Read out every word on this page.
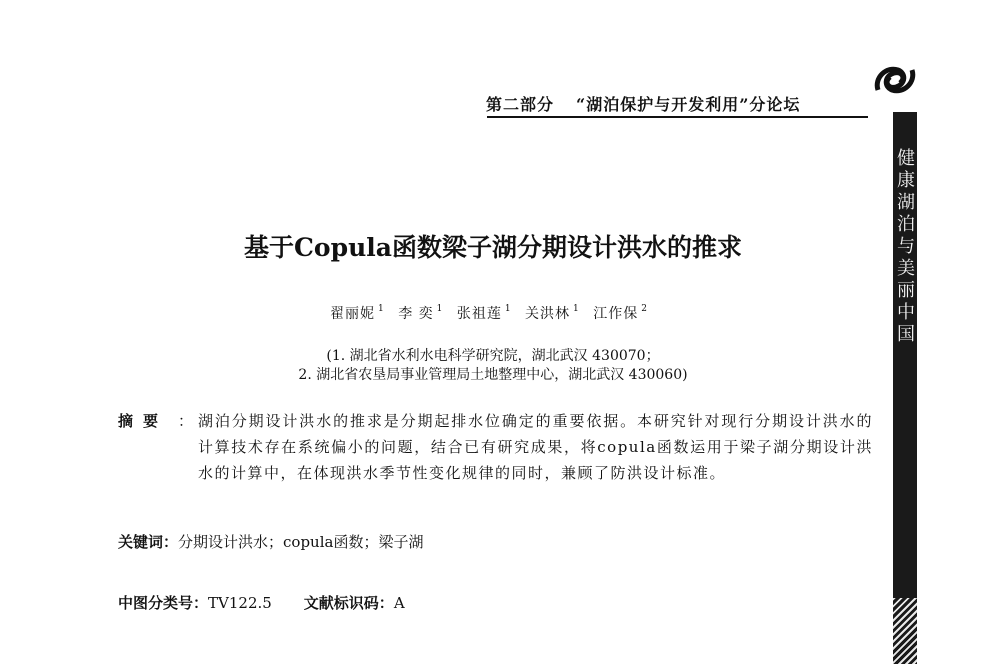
第二部分 “湖泊保护与开发利用”分论坛
健康湖泊与美丽中国
基于Copula函数梁子湖分期设计洪水的推求
翟丽妮 $^1$ 李 奕 $^1$ 张祖莲 $^1$ 关洪林 $^1$ 江作保 $^2$
(1. 湖北省水利水电科学研究院，湖北武汉 430070；
2. 湖北省农垦局事业管理局土地整理中心，湖北武汉 430060)
摘要 ： 湖泊分期设计洪水的推求是分期起排水位确定的重要依据。本研究针对现行分期设计洪水的计算技术存在系统偏小的问题，结合已有研究成果，将copula函数运用于梁子湖分期设计洪水的计算中，在体现洪水季节性变化规律的同时，兼顾了防洪设计标准。
关键词：分期设计洪水；copula函数；梁子湖
中图分类号：TV122.5 文献标识码：A
